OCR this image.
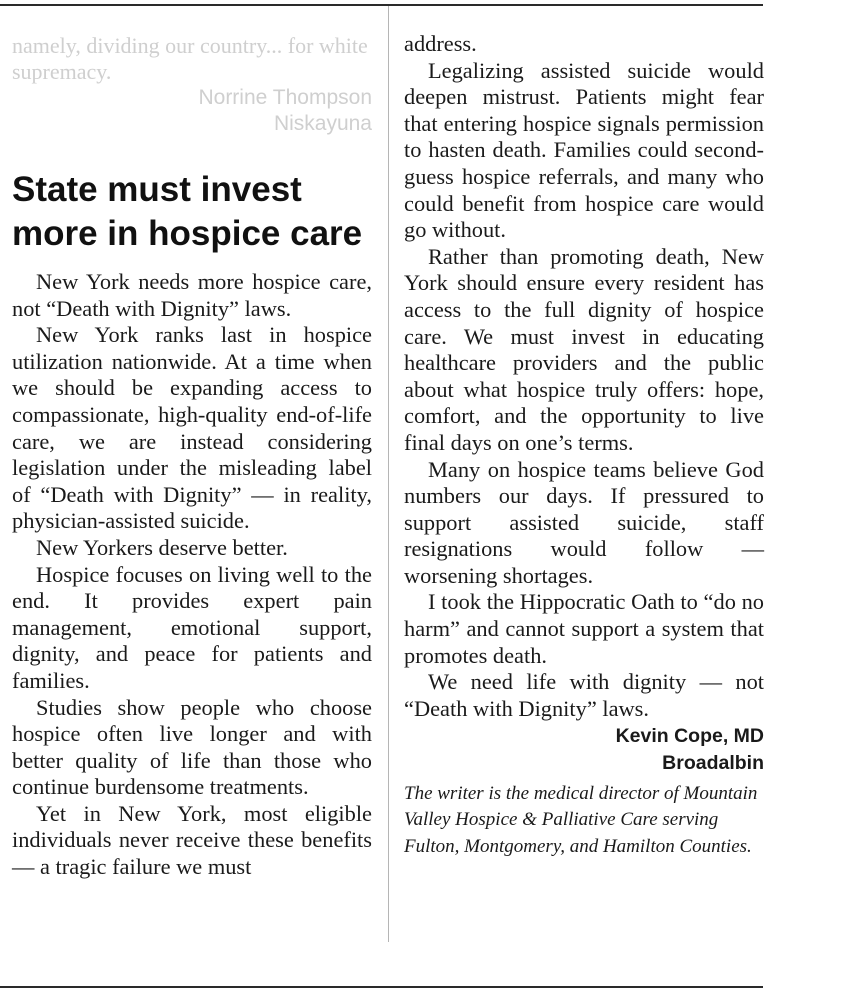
namely, dividing our country... for white supremacy.

Norrine Thompson

Niskayuna

State must invest more in hospice care

New York needs more hospice care, not “Death with Dignity” laws.

New York ranks last in hospice utilization nationwide. At a time when we should be expanding access to compassionate, high-quality end-of-life care, we are instead considering legislation under the misleading label of “Death with Dignity” — in reality, physician-assisted suicide.

New Yorkers deserve better.

Hospice focuses on living well to the end. It provides expert pain management, emotional support, dignity, and peace for patients and families.

Studies show people who choose hospice often live longer and with better quality of life than those who continue burdensome treatments.

Yet in New York, most eligible individuals never receive these benefits — a tragic failure we must

address.

Legalizing assisted suicide would deepen mistrust. Patients might fear that entering hospice signals permission to hasten death. Families could second-guess hospice referrals, and many who could benefit from hospice care would go without.

Rather than promoting death, New York should ensure every resident has access to the full dignity of hospice care. We must invest in educating healthcare providers and the public about what hospice truly offers: hope, comfort, and the opportunity to live final days on one’s terms.

Many on hospice teams believe God numbers our days. If pressured to support assisted suicide, staff resignations would follow — worsening shortages.

I took the Hippocratic Oath to “do no harm” and cannot support a system that promotes death.

We need life with dignity — not “Death with Dignity” laws.

Kevin Cope, MD
Broadalbin
The writer is the medical director of Mountain Valley Hospice & Palliative Care serving Fulton, Montgomery, and Hamilton Counties.
